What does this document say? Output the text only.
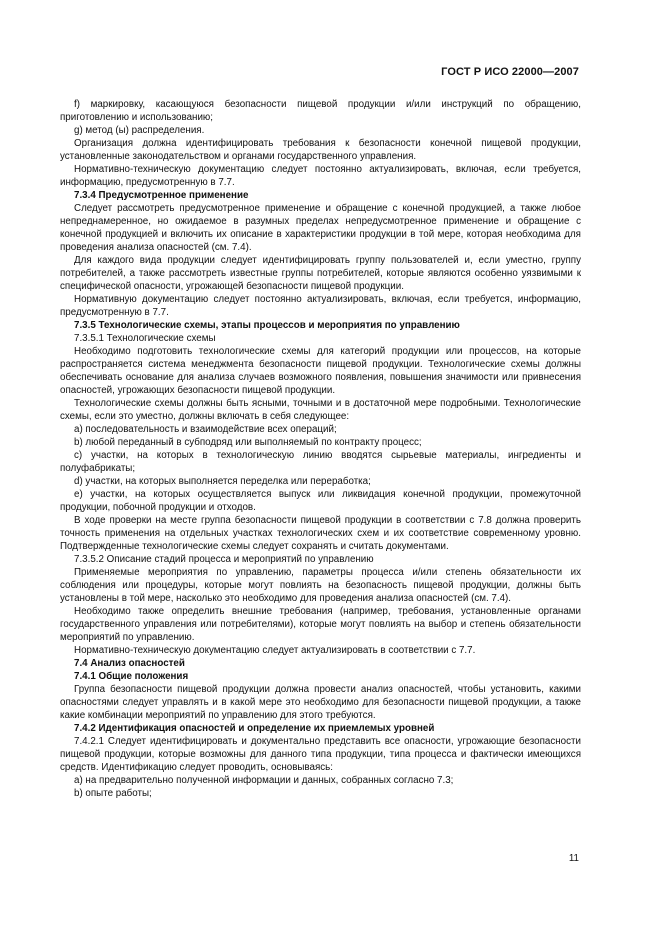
ГОСТ Р ИСО 22000—2007

f) маркировку, касающуюся безопасности пищевой продукции и/или инструкций по обращению, приготовлению и использованию;

g) метод (ы) распределения.

Организация должна идентифицировать требования к безопасности конечной пищевой продукции, установленные законодательством и органами государственного управления.

Нормативно-техническую документацию следует постоянно актуализировать, включая, если требуется, информацию, предусмотренную в 7.7.

7.3.4 Предусмотренное применение

Следует рассмотреть предусмотренное применение и обращение с конечной продукцией, а также любое непреднамеренное, но ожидаемое в разумных пределах непредусмотренное применение и обращение с конечной продукцией и включить их описание в характеристики продукции в той мере, которая необходима для проведения анализа опасностей (см. 7.4).

Для каждого вида продукции следует идентифицировать группу пользователей и, если уместно, группу потребителей, а также рассмотреть известные группы потребителей, которые являются особенно уязвимыми к специфической опасности, угрожающей безопасности пищевой продукции.

Нормативную документацию следует постоянно актуализировать, включая, если требуется, информацию, предусмотренную в 7.7.

7.3.5 Технологические схемы, этапы процессов и мероприятия по управлению

7.3.5.1 Технологические схемы

Необходимо подготовить технологические схемы для категорий продукции или процессов, на которые распространяется система менеджмента безопасности пищевой продукции. Технологические схемы должны обеспечивать основание для анализа случаев возможного появления, повышения значимости или привнесения опасностей, угрожающих безопасности пищевой продукции.

Технологические схемы должны быть ясными, точными и в достаточной мере подробными. Технологические схемы, если это уместно, должны включать в себя следующее:

a) последовательность и взаимодействие всех операций;

b) любой переданный в субподряд или выполняемый по контракту процесс;

c) участки, на которых в технологическую линию вводятся сырьевые материалы, ингредиенты и полуфабрикаты;

d) участки, на которых выполняется переделка или переработка;

e) участки, на которых осуществляется выпуск или ликвидация конечной продукции, промежуточной продукции, побочной продукции и отходов.

В ходе проверки на месте группа безопасности пищевой продукции в соответствии с 7.8 должна проверить точность применения на отдельных участках технологических схем и их соответствие современному уровню. Подтвержденные технологические схемы следует сохранять и считать документами.

7.3.5.2 Описание стадий процесса и мероприятий по управлению

Применяемые мероприятия по управлению, параметры процесса и/или степень обязательности их соблюдения или процедуры, которые могут повлиять на безопасность пищевой продукции, должны быть установлены в той мере, насколько это необходимо для проведения анализа опасностей (см. 7.4).

Необходимо также определить внешние требования (например, требования, установленные органами государственного управления или потребителями), которые могут повлиять на выбор и степень обязательности мероприятий по управлению.

Нормативно-техническую документацию следует актуализировать в соответствии с 7.7.

7.4 Анализ опасностей

7.4.1 Общие положения

Группа безопасности пищевой продукции должна провести анализ опасностей, чтобы установить, какими опасностями следует управлять и в какой мере это необходимо для безопасности пищевой продукции, а также какие комбинации мероприятий по управлению для этого требуются.

7.4.2 Идентификация опасностей и определение их приемлемых уровней

7.4.2.1 Следует идентифицировать и документально представить все опасности, угрожающие безопасности пищевой продукции, которые возможны для данного типа продукции, типа процесса и фактически имеющихся средств. Идентификацию следует проводить, основываясь:

a) на предварительно полученной информации и данных, собранных согласно 7.3;

b) опыте работы;

11
